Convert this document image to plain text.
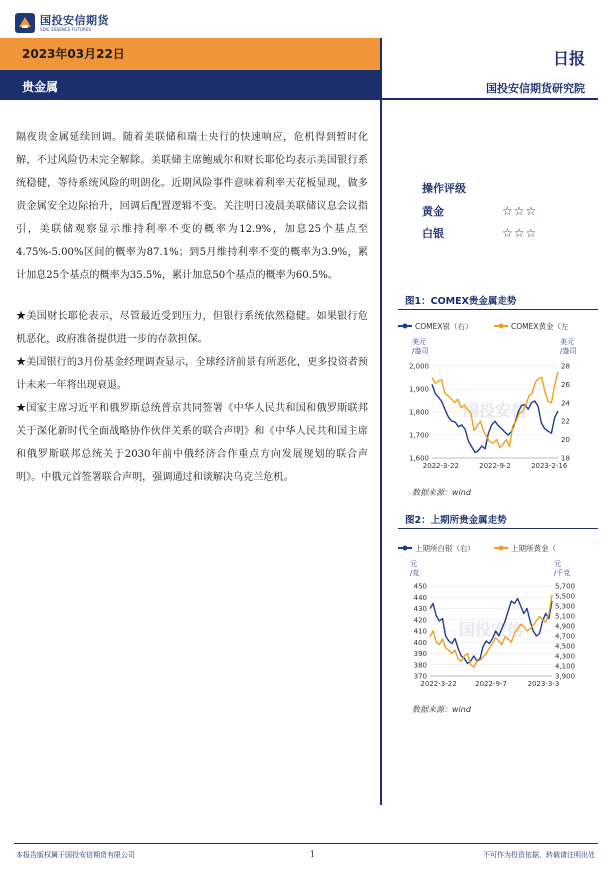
国投安信期货
SDIC ESSENCE FUTURES
2023年03月22日
贵金属
日报
国投安信期货研究院

隔夜贵金属延续回调。随着美联储和瑞士央行的快速响应，危机得到暂时化解，不过风险仍未完全解除。美联储主席鲍威尔和财长耶伦均表示美国银行系统稳健，等待系统风险的明朗化。近期风险事件意味着利率天花板显现，做多贵金属安全边际抬升，回调后配置逻辑不变。关注明日凌晨美联储议息会议指引，美联储观察显示维持利率不变的概率为12.9%，加息25个基点至4.75%-5.00%区间的概率为87.1%；到5月维持利率不变的概率为3.9%，累计加息25个基点的概率为35.5%，累计加息50个基点的概率为60.5%。

★美国财长耶伦表示，尽管最近受到压力，但银行系统依然稳健。如果银行危机恶化，政府准备提供进一步的存款担保。

★美国银行的3月份基金经理调查显示，全球经济前景有所恶化，更多投资者预计未来一年将出现衰退。

★国家主席习近平和俄罗斯总统普京共同签署《中华人民共和国和俄罗斯联邦关于深化新时代全面战略协作伙伴关系的联合声明》和《中华人民共和国主席和俄罗斯联邦总统关于2030年前中俄经济合作重点方向发展规划的联合声明》。中俄元首签署联合声明，强调通过和谈解决乌克兰危机。

操作评级
黄金	☆☆☆
白银	☆☆☆
图1：COMEX贵金属走势
COMEX银（右）	COMEX黄金（左
美元
/盎司
美元
/盎司
国投安信
1,600
1,700
1,800
1,900
2,000
18
20
22
24
26
28
2022-3-22	2022-9-2	2023-2-16
数据来源：wind
图2：上期所贵金属走势
上期所白银（右）	上期所黄金（
元
/克
元
/千克
国投安信
370
380
390
400
410
420
430
440
450
3,900
4,100
4,300
4,500
4,700
4,900
5,100
5,300
5,500
5,700
2022-3-22	2022-9-7	2023-3-3
数据来源：wind
本报告版权属于国投安信期货有限公司	1	不可作为投资依据，转载请注明出处
